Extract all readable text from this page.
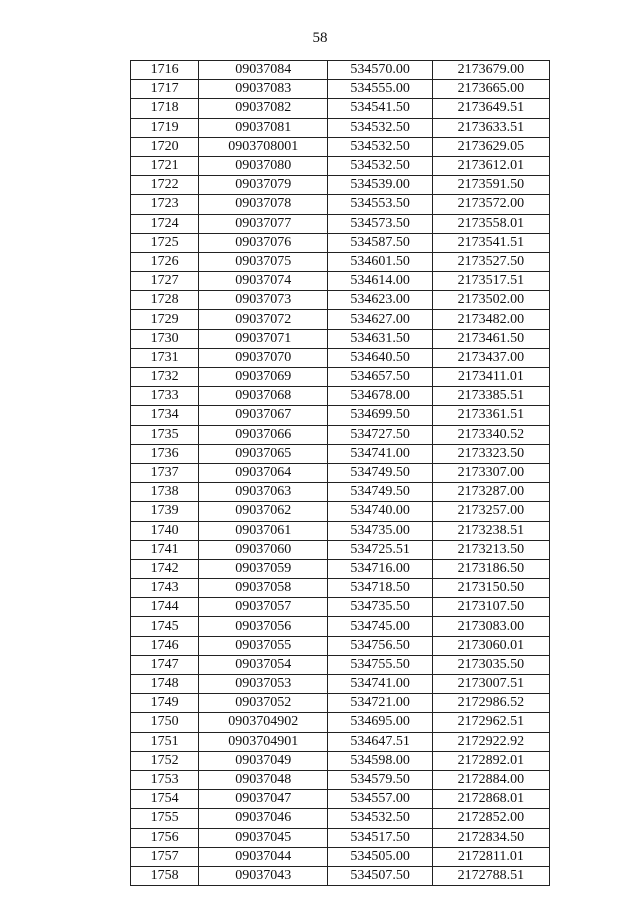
58
1716	09037084	534570.00	2173679.00
1717	09037083	534555.00	2173665.00
1718	09037082	534541.50	2173649.51
1719	09037081	534532.50	2173633.51
1720	0903708001	534532.50	2173629.05
1721	09037080	534532.50	2173612.01
1722	09037079	534539.00	2173591.50
1723	09037078	534553.50	2173572.00
1724	09037077	534573.50	2173558.01
1725	09037076	534587.50	2173541.51
1726	09037075	534601.50	2173527.50
1727	09037074	534614.00	2173517.51
1728	09037073	534623.00	2173502.00
1729	09037072	534627.00	2173482.00
1730	09037071	534631.50	2173461.50
1731	09037070	534640.50	2173437.00
1732	09037069	534657.50	2173411.01
1733	09037068	534678.00	2173385.51
1734	09037067	534699.50	2173361.51
1735	09037066	534727.50	2173340.52
1736	09037065	534741.00	2173323.50
1737	09037064	534749.50	2173307.00
1738	09037063	534749.50	2173287.00
1739	09037062	534740.00	2173257.00
1740	09037061	534735.00	2173238.51
1741	09037060	534725.51	2173213.50
1742	09037059	534716.00	2173186.50
1743	09037058	534718.50	2173150.50
1744	09037057	534735.50	2173107.50
1745	09037056	534745.00	2173083.00
1746	09037055	534756.50	2173060.01
1747	09037054	534755.50	2173035.50
1748	09037053	534741.00	2173007.51
1749	09037052	534721.00	2172986.52
1750	0903704902	534695.00	2172962.51
1751	0903704901	534647.51	2172922.92
1752	09037049	534598.00	2172892.01
1753	09037048	534579.50	2172884.00
1754	09037047	534557.00	2172868.01
1755	09037046	534532.50	2172852.00
1756	09037045	534517.50	2172834.50
1757	09037044	534505.00	2172811.01
1758	09037043	534507.50	2172788.51
